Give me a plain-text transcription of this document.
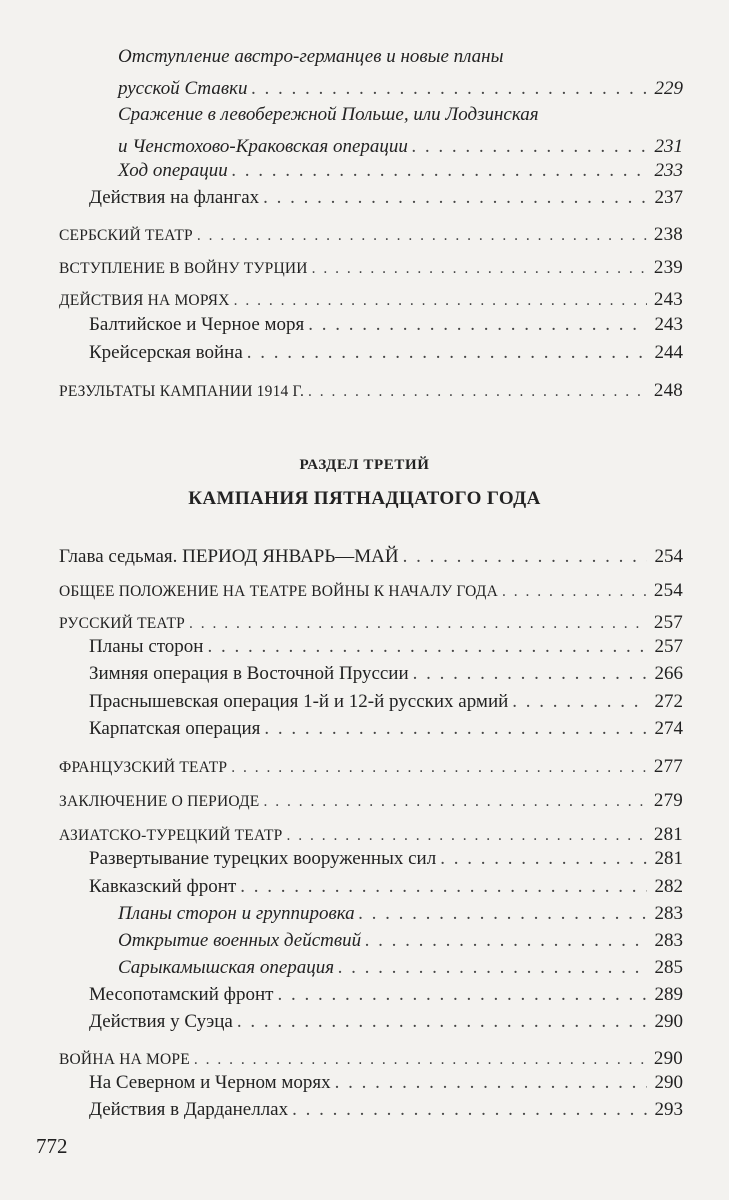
Отступление австро-германцев и новые планы
русской Ставки . . .	229
Сражение в левобережной Польше, или Лодзинская
и Ченстохово-Краковская операции . . .	231
Ход операции . . .	233
Действия на флангах . . .	237
СЕРБСКИЙ ТЕАТР . . .	238
ВСТУПЛЕНИЕ В ВОЙНУ ТУРЦИИ . . .	239
ДЕЙСТВИЯ НА МОРЯХ . . .	243
Балтийское и Черное моря . . .	243
Крейсерская война . . .	244
РЕЗУЛЬТАТЫ КАМПАНИИ 1914 Г. . . .	248
РАЗДЕЛ ТРЕТИЙ
КАМПАНИЯ ПЯТНАДЦАТОГО ГОДА
Глава седьмая. ПЕРИОД ЯНВАРЬ—МАЙ . . .	254
ОБЩЕЕ ПОЛОЖЕНИЕ НА ТЕАТРЕ ВОЙНЫ К НАЧАЛУ ГОДА . . .	254
РУССКИЙ ТЕАТР . . .	257
Планы сторон . . .	257
Зимняя операция в Восточной Пруссии . . .	266
Праснышевская операция 1-й и 12-й русских армий . . .	272
Карпатская операция . . .	274
ФРАНЦУЗСКИЙ ТЕАТР . . .	277
ЗАКЛЮЧЕНИЕ О ПЕРИОДЕ . . .	279
АЗИАТСКО-ТУРЕЦКИЙ ТЕАТР . . .	281
Развертывание турецких вооруженных сил . . .	281
Кавказский фронт . . .	282
Планы сторон и группировка . . .	283
Открытие военных действий . . .	283
Сарыкамышская операция . . .	285
Месопотамский фронт . . .	289
Действия у Суэца . . .	290
ВОЙНА НА МОРЕ . . .	290
На Северном и Черном морях . . .	290
Действия в Дарданеллах . . .	293
772
